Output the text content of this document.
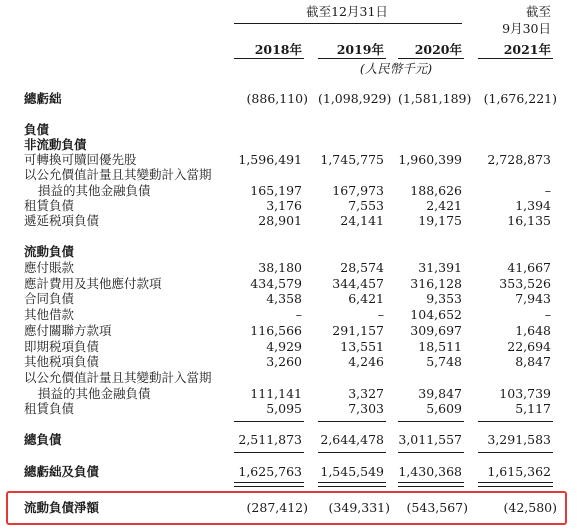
截至12月31日	截至
9月30日
2018年	2019年	2020年	2021年
(人民幣千元)
總虧絀	(886,110) (1,098,929) (1,581,189) (1,676,221)
負債
非流動負債
可轉換可贖回優先股	1,596,491 1,745,775 1,960,399	2,728,873
以公允價值計量且其變動計入當期
損益的其他金融負債	165,197	167,973	188,626	–
租賃負債	3,176	7,553	2,421	1,394
遞延税項負債	28,901	24,141	19,175	16,135
流動負債
應付賬款	38,180	28,574	31,391	41,667
應計費用及其他應付款項	434,579	344,457	316,128	353,526
合同負債	4,358	6,421	9,353	7,943
其他借款	–	–	104,652	–
應付關聯方款項	116,566	291,157	309,697	1,648
即期税項負債	4,929	13,551	18,511	22,694
其他税項負債	3,260	4,246	5,748	8,847
以公允價值計量且其變動計入當期
損益的其他金融負債	111,141	3,327	39,847	103,739
租賃負債	5,095	7,303	5,609	5,117
總負債	2,511,873 2,644,478 3,011,557	3,291,583
總虧絀及負債	1,625,763 1,545,549 1,430,368	1,615,362
流動負債淨額	(287,412)	(349,331)	(543,567)	(42,580)
